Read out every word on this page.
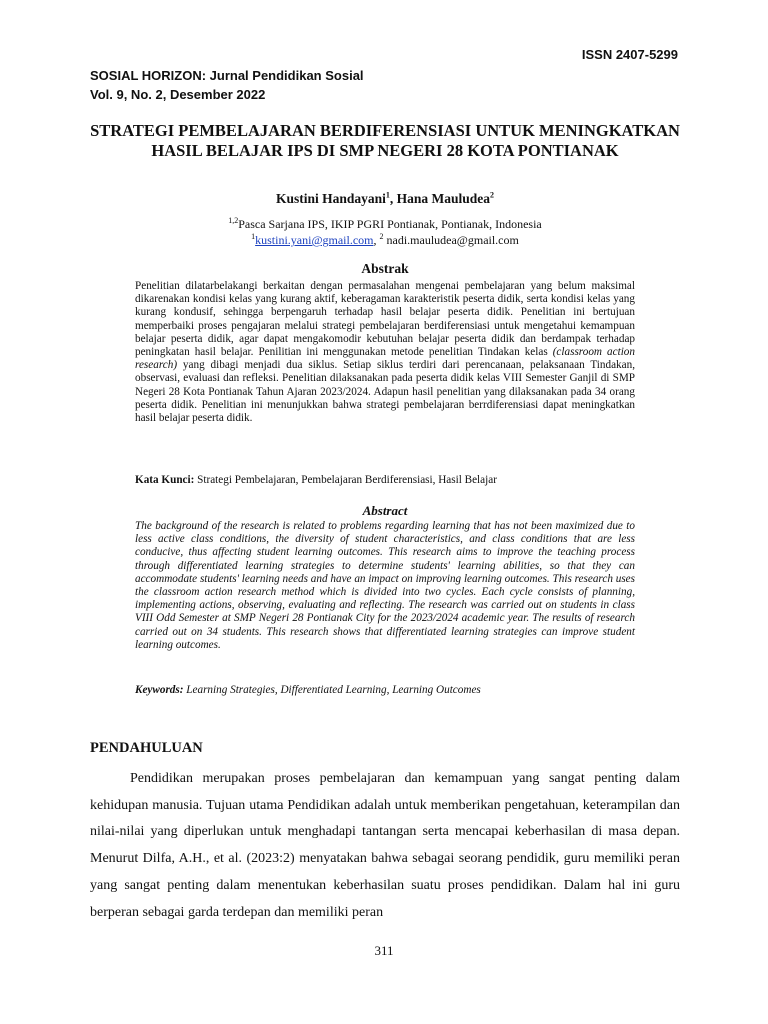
ISSN 2407-5299
SOSIAL HORIZON: Jurnal Pendidikan Sosial
Vol. 9, No. 2, Desember 2022
STRATEGI PEMBELAJARAN BERDIFERENSIASI UNTUK MENINGKATKAN HASIL BELAJAR IPS DI SMP NEGERI 28 KOTA PONTIANAK
Kustini Handayani$^1$, Hana Mauludea$^2$
$^{1,2}$Pasca Sarjana IPS, IKIP PGRI Pontianak, Pontianak, Indonesia
$^1$kustini.yani@gmail.com, $^2$ nadi.mauludea@gmail.com
Abstrak
Penelitian dilatarbelakangi berkaitan dengan permasalahan mengenai pembelajaran yang belum maksimal dikarenakan kondisi kelas yang kurang aktif, keberagaman karakteristik peserta didik, serta kondisi kelas yang kurang kondusif, sehingga berpengaruh terhadap hasil belajar peserta didik. Penelitian ini bertujuan memperbaiki proses pengajaran melalui strategi pembelajaran berdiferensiasi untuk mengetahui kemampuan belajar peserta didik, agar dapat mengakomodir kebutuhan belajar peserta didik dan berdampak terhadap peningkatan hasil belajar. Penilitian ini menggunakan metode penelitian Tindakan kelas (classroom action research) yang dibagi menjadi dua siklus. Setiap siklus terdiri dari perencanaan, pelaksanaan Tindakan, observasi, evaluasi dan refleksi. Penelitian dilaksanakan pada peserta didik kelas VIII Semester Ganjil di SMP Negeri 28 Kota Pontianak Tahun Ajaran 2023/2024. Adapun hasil penelitian yang dilaksanakan pada 34 orang peserta didik. Penelitian ini menunjukkan bahwa strategi pembelajaran berrdiferensiasi dapat meningkatkan hasil belajar peserta didik.
Kata Kunci: Strategi Pembelajaran, Pembelajaran Berdiferensiasi, Hasil Belajar
Abstract
The background of the research is related to problems regarding learning that has not been maximized due to less active class conditions, the diversity of student characteristics, and class conditions that are less conducive, thus affecting student learning outcomes. This research aims to improve the teaching process through differentiated learning strategies to determine students' learning abilities, so that they can accommodate students' learning needs and have an impact on improving learning outcomes. This research uses the classroom action research method which is divided into two cycles. Each cycle consists of planning, implementing actions, observing, evaluating and reflecting. The research was carried out on students in class VIII Odd Semester at SMP Negeri 28 Pontianak City for the 2023/2024 academic year. The results of research carried out on 34 students. This research shows that differentiated learning strategies can improve student learning outcomes.
Keywords: Learning Strategies, Differentiated Learning, Learning Outcomes
PENDAHULUAN
Pendidikan merupakan proses pembelajaran dan kemampuan yang sangat penting dalam kehidupan manusia. Tujuan utama Pendidikan adalah untuk memberikan pengetahuan, keterampilan dan nilai-nilai yang diperlukan untuk menghadapi tantangan serta mencapai keberhasilan di masa depan. Menurut Dilfa, A.H., et al. (2023:2) menyatakan bahwa sebagai seorang pendidik, guru memiliki peran yang sangat penting dalam menentukan keberhasilan suatu proses pendidikan. Dalam hal ini guru berperan sebagai garda terdepan dan memiliki peran
311
